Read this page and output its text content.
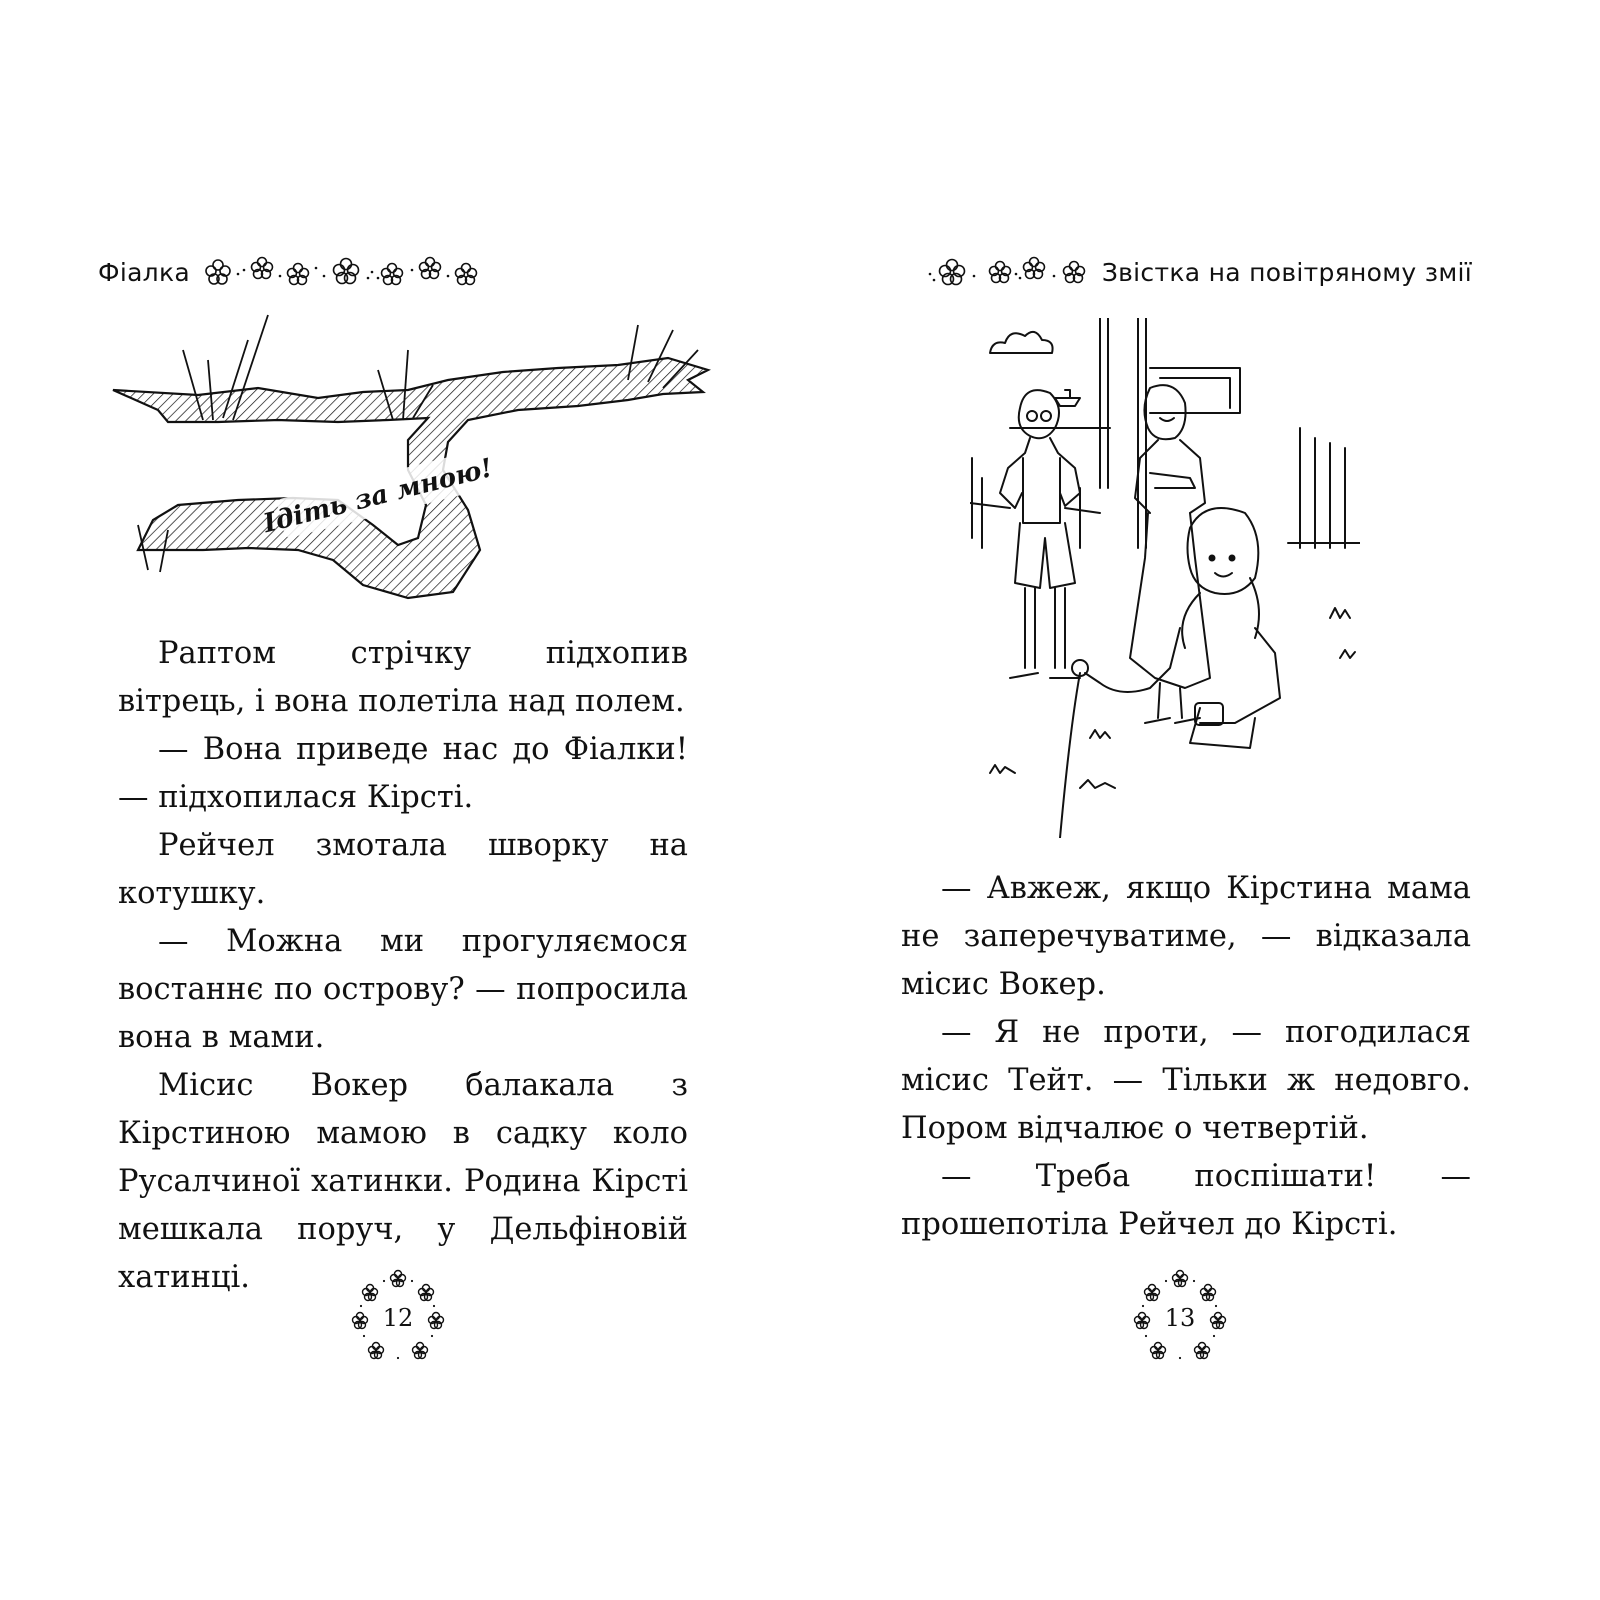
Фіалка
Ідіть за мною!

Раптом стрічку підхопив вітрець, і вона полетіла над полем.

— Вона приведе нас до Фіалки! — підхопилася Кірсті.

Рейчел змотала шворку на котушку.

— Можна ми прогуляємося востаннє по острову? — попросила вона в мами.

Місис Вокер балакала з Кірстиною мамою в садку коло Русалчиної хатинки. Родина Кірсті мешкала поруч, у Дельфіновій хатинці.

12
Звістка на повітряному змії

— Авжеж, якщо Кірстина мама не заперечуватиме, — відказала місис Вокер.

— Я не проти, — погодилася місис Тейт. — Тільки ж недовго. Пором відчалює о четвертій.

— Треба поспішати! — прошепотіла Рейчел до Кірсті.

13
